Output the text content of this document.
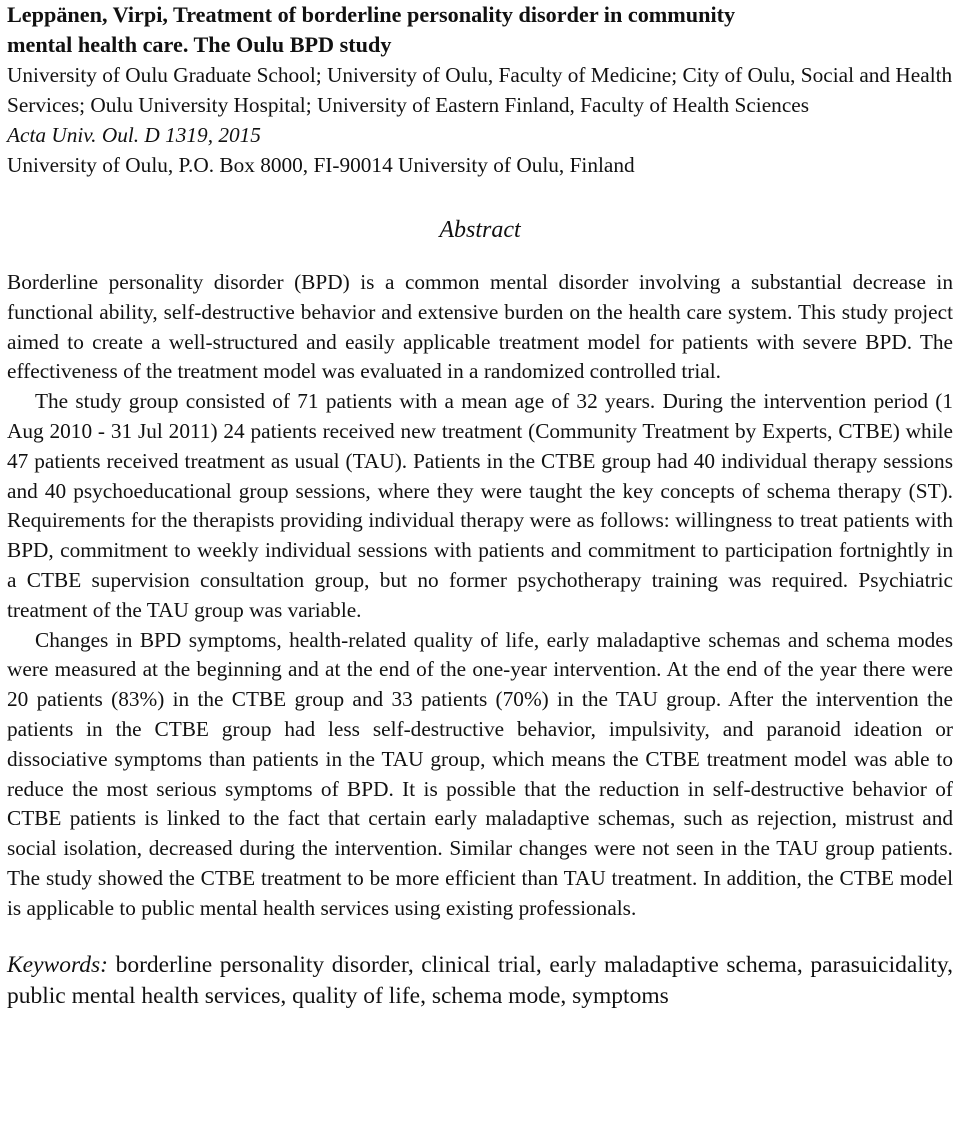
Leppänen, Virpi, Treatment of borderline personality disorder in community
mental health care. The Oulu BPD study

University of Oulu Graduate School; University of Oulu, Faculty of Medicine; City of Oulu, Social and Health Services; Oulu University Hospital; University of Eastern Finland, Faculty of Health Sciences

Acta Univ. Oul. D 1319, 2015

University of Oulu, P.O. Box 8000, FI-90014 University of Oulu, Finland

Abstract

Borderline personality disorder (BPD) is a common mental disorder involving a substantial decrease in functional ability, self-destructive behavior and extensive burden on the health care system. This study project aimed to create a well-structured and easily applicable treatment model for patients with severe BPD. The effectiveness of the treatment model was evaluated in a randomized controlled trial.

The study group consisted of 71 patients with a mean age of 32 years. During the intervention period (1 Aug 2010 - 31 Jul 2011) 24 patients received new treatment (Community Treatment by Experts, CTBE) while 47 patients received treatment as usual (TAU). Patients in the CTBE group had 40 individual therapy sessions and 40 psychoeducational group sessions, where they were taught the key concepts of schema therapy (ST). Requirements for the therapists providing individual therapy were as follows: willingness to treat patients with BPD, commitment to weekly individual sessions with patients and commitment to participation fortnightly in a CTBE supervision consultation group, but no former psychotherapy training was required. Psychiatric treatment of the TAU group was variable.

Changes in BPD symptoms, health-related quality of life, early maladaptive schemas and schema modes were measured at the beginning and at the end of the one-year intervention. At the end of the year there were 20 patients (83%) in the CTBE group and 33 patients (70%) in the TAU group. After the intervention the patients in the CTBE group had less self-destructive behavior, impulsivity, and paranoid ideation or dissociative symptoms than patients in the TAU group, which means the CTBE treatment model was able to reduce the most serious symptoms of BPD. It is possible that the reduction in self-destructive behavior of CTBE patients is linked to the fact that certain early maladaptive schemas, such as rejection, mistrust and social isolation, decreased during the intervention. Similar changes were not seen in the TAU group patients. The study showed the CTBE treatment to be more efficient than TAU treatment. In addition, the CTBE model is applicable to public mental health services using existing professionals.

Keywords: borderline personality disorder, clinical trial, early maladaptive schema, parasuicidality, public mental health services, quality of life, schema mode, symptoms
